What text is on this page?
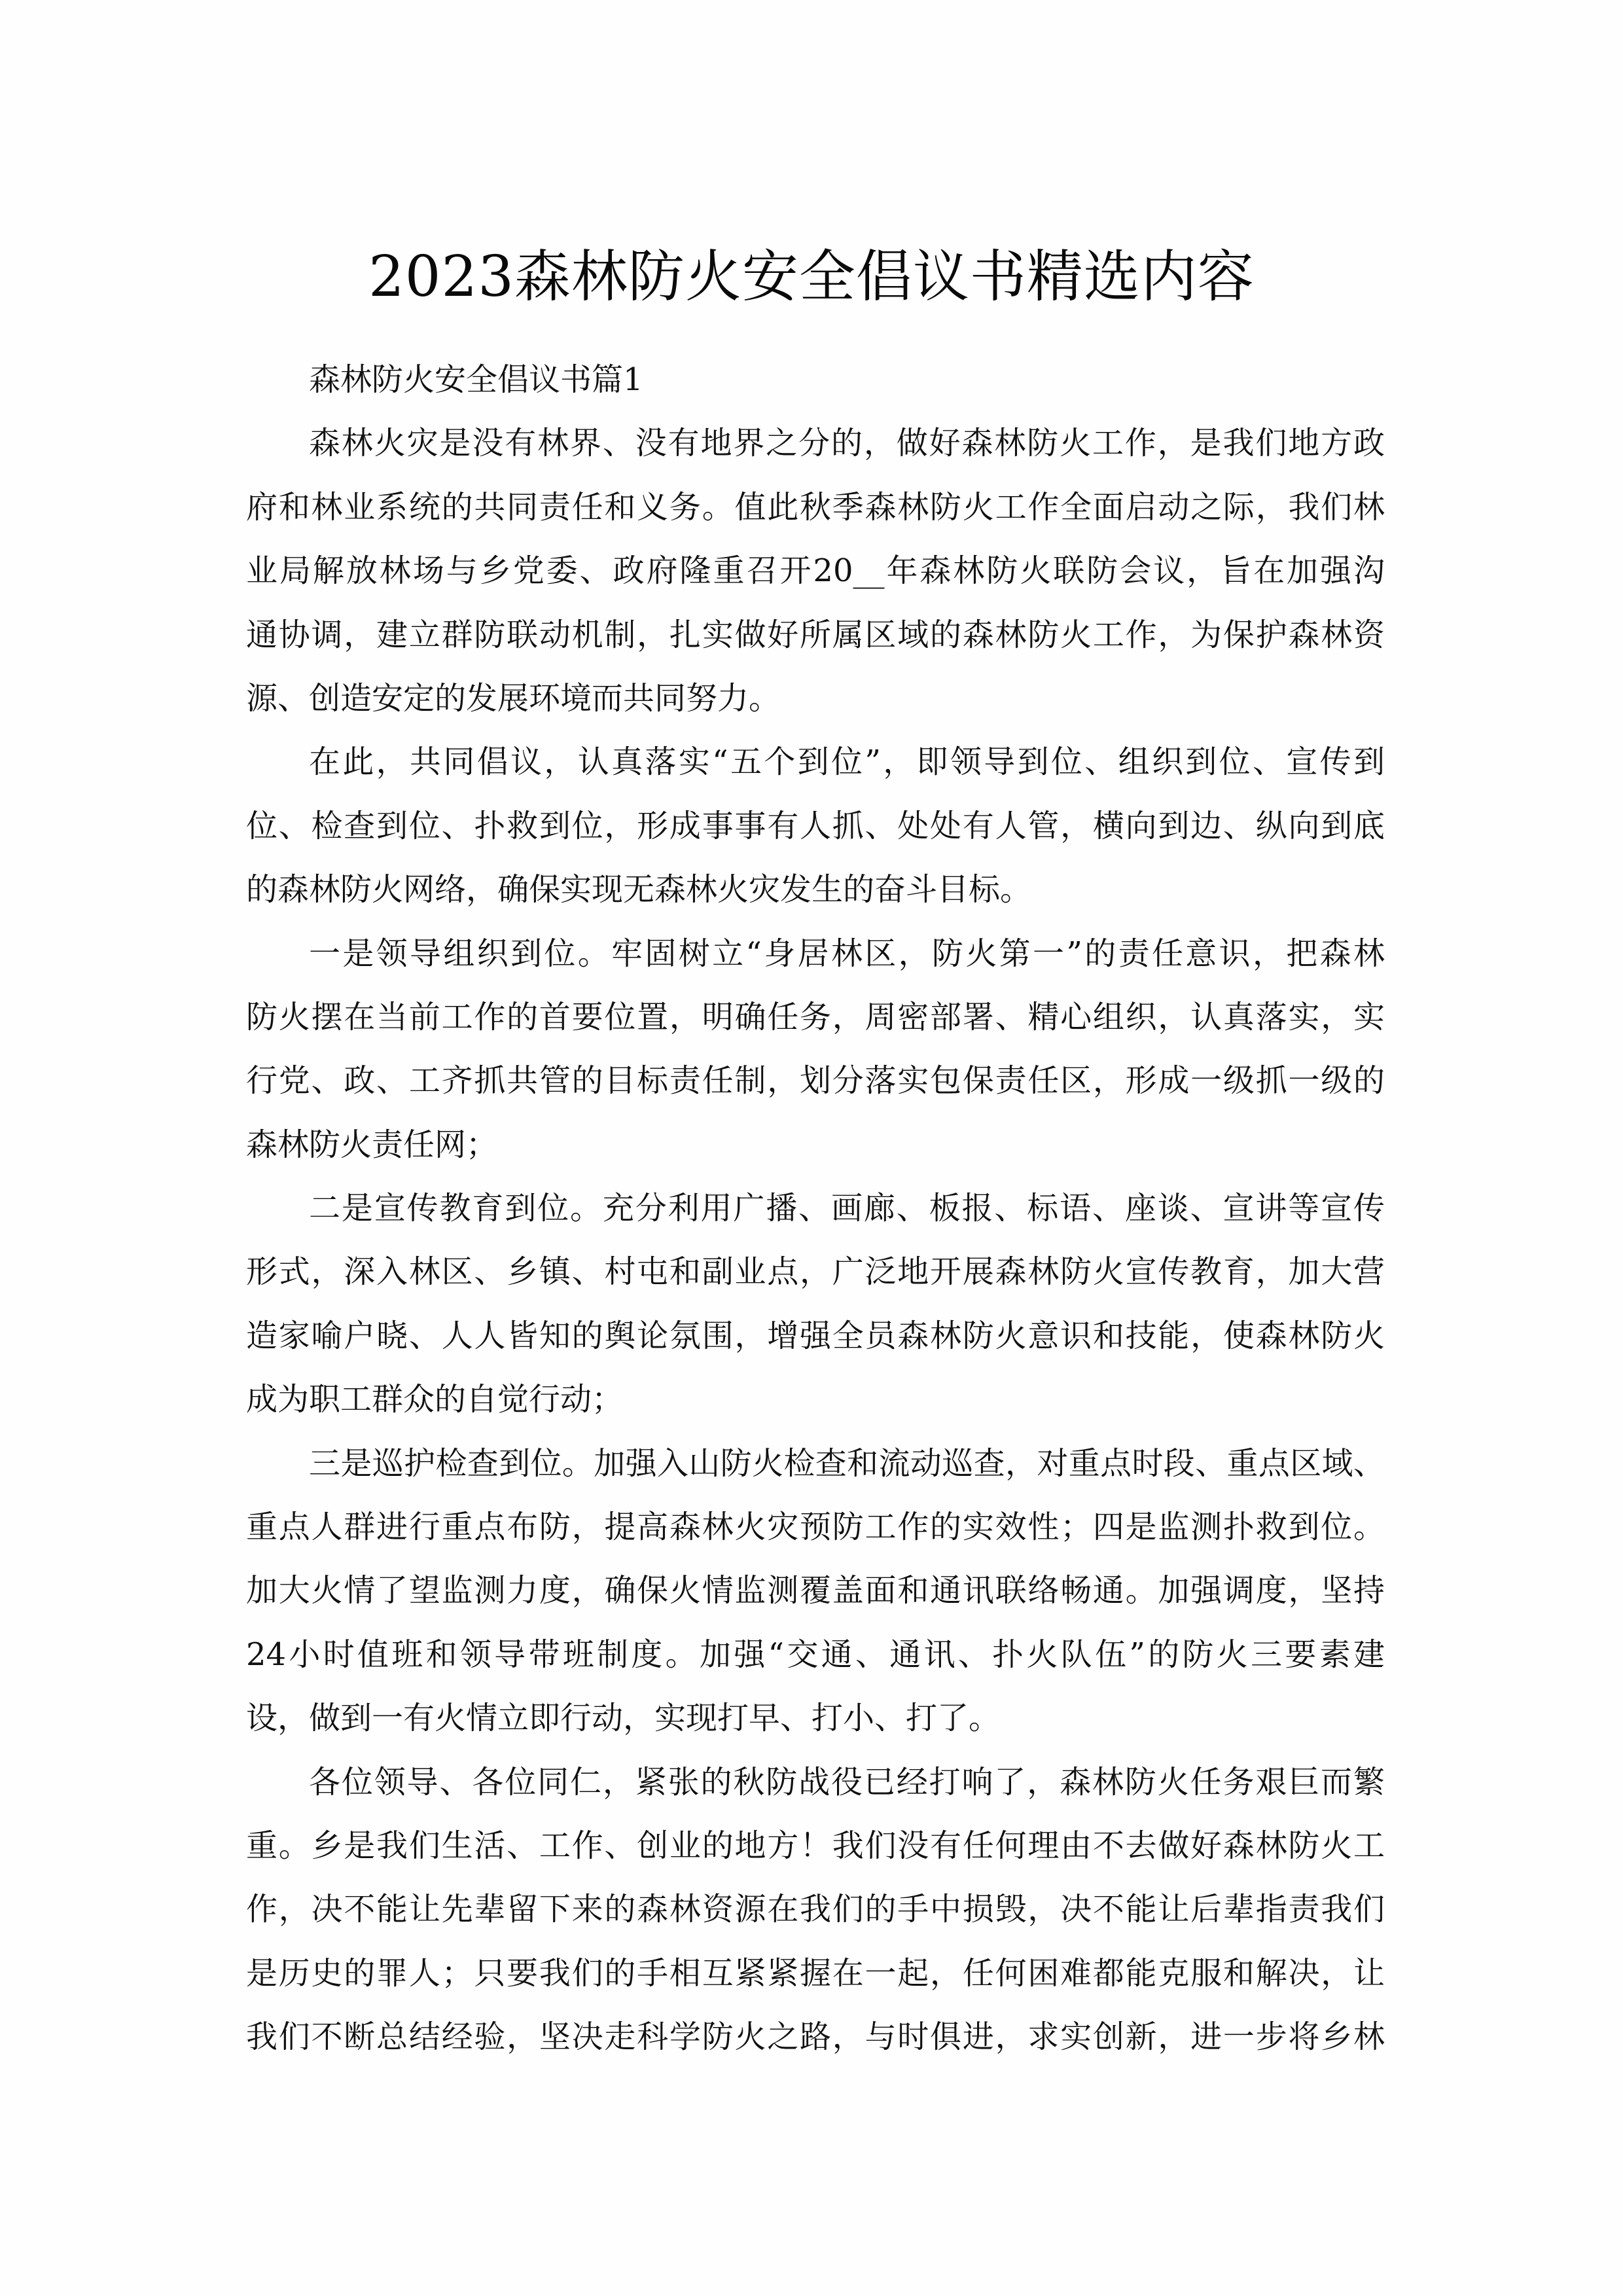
2023森林防火安全倡议书精选内容
森林防火安全倡议书篇1
森林火灾是没有林界、没有地界之分的，做好森林防火工作，是我们地方政
府和林业系统的共同责任和义务。值此秋季森林防火工作全面启动之际，我们林
业局解放林场与乡党委、政府隆重召开20__年森林防火联防会议，旨在加强沟
通协调，建立群防联动机制，扎实做好所属区域的森林防火工作，为保护森林资
源、创造安定的发展环境而共同努力。
在此，共同倡议，认真落实“五个到位”，即领导到位、组织到位、宣传到
位、检查到位、扑救到位，形成事事有人抓、处处有人管，横向到边、纵向到底
的森林防火网络，确保实现无森林火灾发生的奋斗目标。
一是领导组织到位。牢固树立“身居林区，防火第一”的责任意识，把森林
防火摆在当前工作的首要位置，明确任务，周密部署、精心组织，认真落实，实
行党、政、工齐抓共管的目标责任制，划分落实包保责任区，形成一级抓一级的
森林防火责任网；
二是宣传教育到位。充分利用广播、画廊、板报、标语、座谈、宣讲等宣传
形式，深入林区、乡镇、村屯和副业点，广泛地开展森林防火宣传教育，加大营
造家喻户晓、人人皆知的舆论氛围，增强全员森林防火意识和技能，使森林防火
成为职工群众的自觉行动；
三是巡护检查到位。加强入山防火检查和流动巡查，对重点时段、重点区域、
重点人群进行重点布防，提高森林火灾预防工作的实效性；四是监测扑救到位。
加大火情了望监测力度，确保火情监测覆盖面和通讯联络畅通。加强调度，坚持
24小时值班和领导带班制度。加强“交通、通讯、扑火队伍”的防火三要素建
设，做到一有火情立即行动，实现打早、打小、打了。
各位领导、各位同仁，紧张的秋防战役已经打响了，森林防火任务艰巨而繁
重。乡是我们生活、工作、创业的地方！我们没有任何理由不去做好森林防火工
作，决不能让先辈留下来的森林资源在我们的手中损毁，决不能让后辈指责我们
是历史的罪人；只要我们的手相互紧紧握在一起，任何困难都能克服和解决，让
我们不断总结经验，坚决走科学防火之路，与时俱进，求实创新，进一步将乡林
